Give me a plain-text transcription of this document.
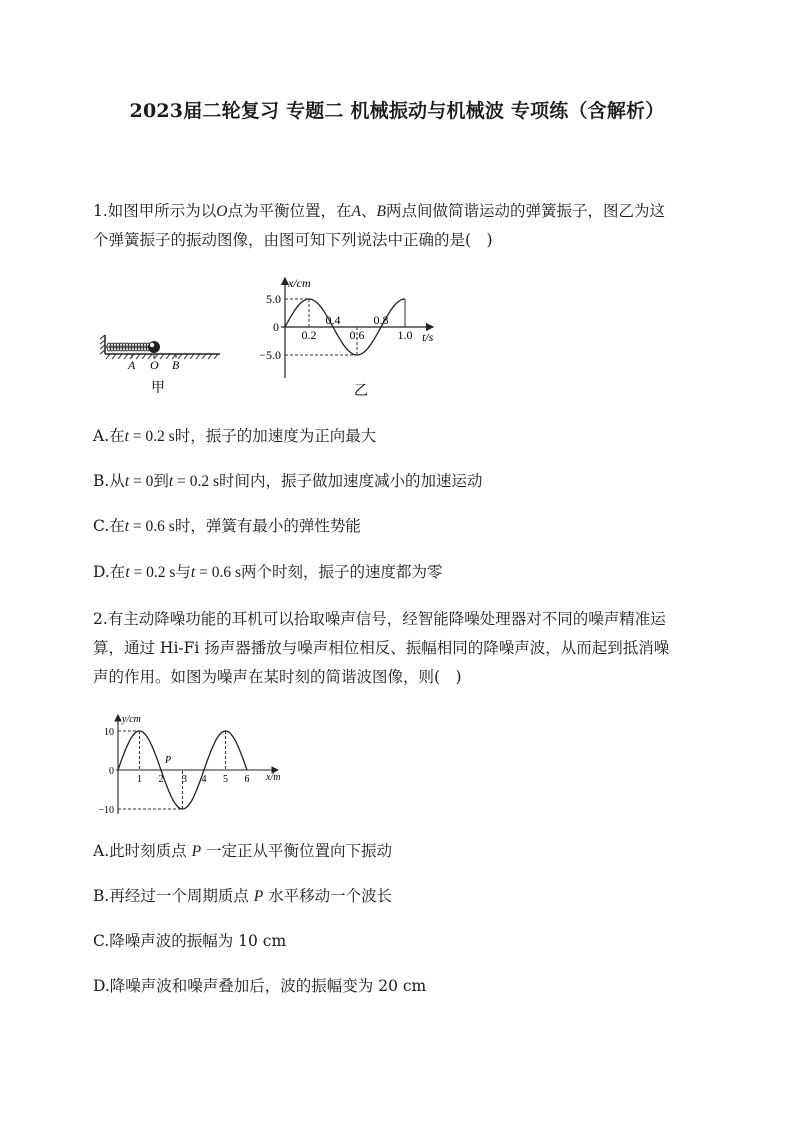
2023届二轮复习 专题二 机械振动与机械波 专项练（含解析）
1.如图甲所示为以O点为平衡位置，在A、B两点间做简谐运动的弹簧振子，图乙为这
个弹簧振子的振动图像，由图可知下列说法中正确的是(　)
A O B
甲
x/cm
t/s
5.0
0
−5.0
0.2
0.4
0.6
0.8
1.0
乙
A.在t = 0.2 s时，振子的加速度为正向最大
B.从t = 0到t = 0.2 s时间内，振子做加速度减小的加速运动
C.在t = 0.6 s时，弹簧有最小的弹性势能
D.在t = 0.2 s与t = 0.6 s两个时刻，振子的速度都为零
2.有主动降噪功能的耳机可以拾取噪声信号，经智能降噪处理器对不同的噪声精准运
算，通过 Hi-Fi 扬声器播放与噪声相位相反、振幅相同的降噪声波，从而起到抵消噪
声的作用。如图为噪声在某时刻的简谐波图像，则(　)
y/cm
x/m
10
0
−10
1 2 3 4 5 6
P
A.此时刻质点 P 一定正从平衡位置向下振动
B.再经过一个周期质点 P 水平移动一个波长
C.降噪声波的振幅为 10 cm
D.降噪声波和噪声叠加后，波的振幅变为 20 cm
